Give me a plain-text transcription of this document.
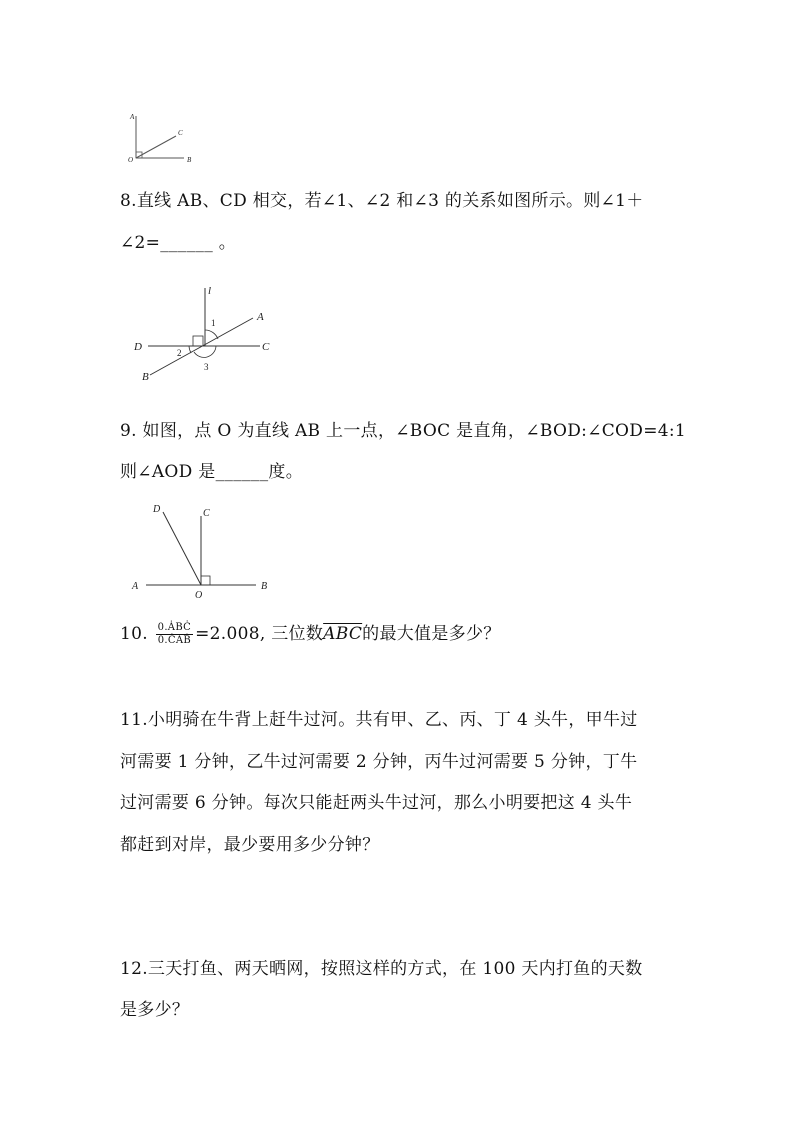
A
C
O	B
8.直线 AB、CD 相交，若∠1、∠2 和∠3 的关系如图所示。则∠1＋
∠2=______ 。
l
A
D	C
B
1
2
3
9. 如图，点 O 为直线 AB 上一点，∠BOC 是直角，∠BOD:∠COD=4:1
则∠AOD 是______度。
D	C
A
O
B
10. $\frac{\text{0.ȦBĊ}}{\text{0.ĊAḂ}} =2.008$, 三位数$\overline{ABC}$的最大值是多少？
11.小明骑在牛背上赶牛过河。共有甲、乙、丙、丁 4 头牛，甲牛过
河需要 1 分钟，乙牛过河需要 2 分钟，丙牛过河需要 5 分钟，丁牛
过河需要 6 分钟。每次只能赶两头牛过河，那么小明要把这 4 头牛
都赶到对岸，最少要用多少分钟？
12.三天打鱼、两天晒网，按照这样的方式，在 100 天内打鱼的天数
是多少？
